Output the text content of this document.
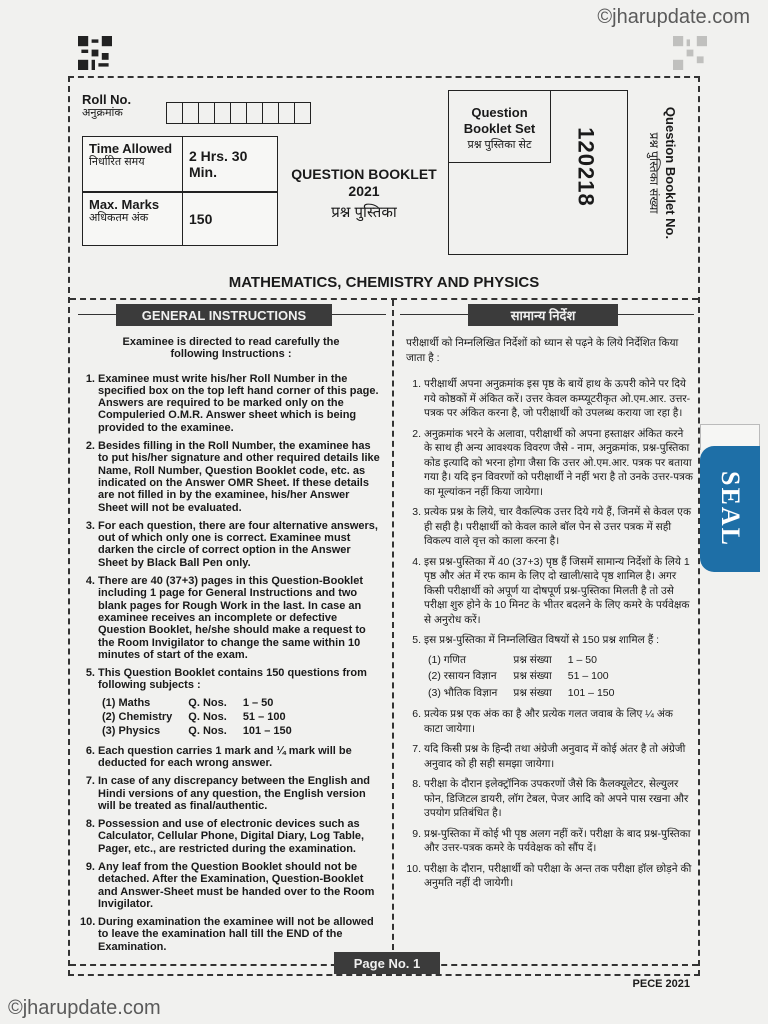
©jharupdate.com
©jharupdate.com
SEAL
Roll No.
अनुक्रमांक
Time Allowed
निर्धारित समय	2 Hrs. 30 Min.
Max. Marks
अधिकतम अंक	150
QUESTION BOOKLET
2021
प्रश्न पुस्तिका
Question
Booklet Set
प्रश्न पुस्तिका सेट	120218	Question Booklet No.
प्रश्न पुस्तिका संख्या
MATHEMATICS, CHEMISTRY AND PHYSICS
GENERAL INSTRUCTIONS	सामान्य निर्देश
Examinee is directed to read carefully the following Instructions :
1. Examinee must write his/her Roll Number in the specified box on the top left hand corner of this page. Answers are required to be marked only on the Compuleried O.M.R. Answer sheet which is being provided to the examinee.
2. Besides filling in the Roll Number, the examinee has to put his/her signature and other required details like Name, Roll Number, Question Booklet code, etc. as indicated on the Answer OMR Sheet. If these details are not filled in by the examinee, his/her Answer Sheet will not be evaluated.
3. For each question, there are four alternative answers, out of which only one is correct. Examinee must darken the circle of correct option in the Answer Sheet by Black Ball Pen only.
4. There are 40 (37+3) pages in this Question-Booklet including 1 page for General Instructions and two blank pages for Rough Work in the last. In case an examinee receives an incomplete or defective Question Booklet, he/she should make a request to the Room Invigilator to change the same within 10 minutes of start of the exam.
5. This Question Booklet contains 150 questions from following subjects :
(1) Maths	Q. Nos.	1 – 50
(2) Chemistry	Q. Nos.	51 – 100
(3) Physics	Q. Nos.	101 – 150
6. Each question carries 1 mark and ¼ mark will be deducted for each wrong answer.
7. In case of any discrepancy between the English and Hindi versions of any question, the English version will be treated as final/authentic.
8. Possession and use of electronic devices such as Calculator, Cellular Phone, Digital Diary, Log Table, Pager, etc., are restricted during the examination.
9. Any leaf from the Question Booklet should not be detached. After the Examination, Question-Booklet and Answer-Sheet must be handed over to the Room Invigilator.
10. During examination the examinee will not be allowed to leave the examination hall till the END of the Examination.
परीक्षार्थी को निम्नलिखित निर्देशों को ध्यान से पढ़ने के लिये निर्देशित किया जाता है :
1. परीक्षार्थी अपना अनुक्रमांक इस पृष्ठ के बायें हाथ के ऊपरी कोने पर दिये गये कोष्ठकों में अंकित करें। उत्तर केवल कम्प्यूटरीकृत ओ.एम.आर. उत्तर-पत्रक पर अंकित करना है, जो परीक्षार्थी को उपलब्ध कराया जा रहा है।
2. अनुक्रमांक भरने के अलावा, परीक्षार्थी को अपना हस्ताक्षर अंकित करने के साथ ही अन्य आवश्यक विवरण जैसे - नाम, अनुक्रमांक, प्रश्न-पुस्तिका कोड इत्यादि को भरना होगा जैसा कि उत्तर ओ.एम.आर. पत्रक पर बताया गया है। यदि इन विवरणों को परीक्षार्थी ने नहीं भरा है तो उनके उत्तर-पत्रक का मूल्यांकन नहीं किया जायेगा।
3. प्रत्येक प्रश्न के लिये, चार वैकल्पिक उत्तर दिये गये हैं, जिनमें से केवल एक ही सही है। परीक्षार्थी को केवल काले बॉल पेन से उत्तर पत्रक में सही विकल्प वाले वृत्त को काला करना है।
4. इस प्रश्न-पुस्तिका में 40 (37+3) पृष्ठ हैं जिसमें सामान्य निर्देशों के लिये 1 पृष्ठ और अंत में रफ काम के लिए दो खाली/सादे पृष्ठ शामिल है। अगर किसी परीक्षार्थी को अपूर्ण या दोषपूर्ण प्रश्न-पुस्तिका मिलती है तो उसे परीक्षा शुरु होने के 10 मिनट के भीतर बदलने के लिए कमरे के पर्यवेक्षक से अनुरोध करें।
5. इस प्रश्न-पुस्तिका में निम्नलिखित विषयों से 150 प्रश्न शामिल हैं :
(1) गणित	प्रश्न संख्या	1 – 50
(2) रसायन विज्ञान	प्रश्न संख्या	51 – 100
(3) भौतिक विज्ञान	प्रश्न संख्या	101 – 150
6. प्रत्येक प्रश्न एक अंक का है और प्रत्येक गलत जवाब के लिए ¼ अंक काटा जायेगा।
7. यदि किसी प्रश्न के हिन्दी तथा अंग्रेजी अनुवाद में कोई अंतर है तो अंग्रेजी अनुवाद को ही सही समझा जायेगा।
8. परीक्षा के दौरान इलेक्ट्रॉनिक उपकरणों जैसे कि कैलक्यूलेटर, सेल्युलर फोन, डिजिटल डायरी, लॉग टेबल, पेजर आदि को अपने पास रखना और उपयोग प्रतिबंधित है।
9. प्रश्न-पुस्तिका में कोई भी पृष्ठ अलग नहीं करें। परीक्षा के बाद प्रश्न-पुस्तिका और उत्तर-पत्रक कमरे के पर्यवेक्षक को सौंप दें।
10. परीक्षा के दौरान, परीक्षार्थी को परीक्षा के अन्त तक परीक्षा हॉल छोड़ने की अनुमति नहीं दी जायेगी।
Page No. 1
PECE 2021
